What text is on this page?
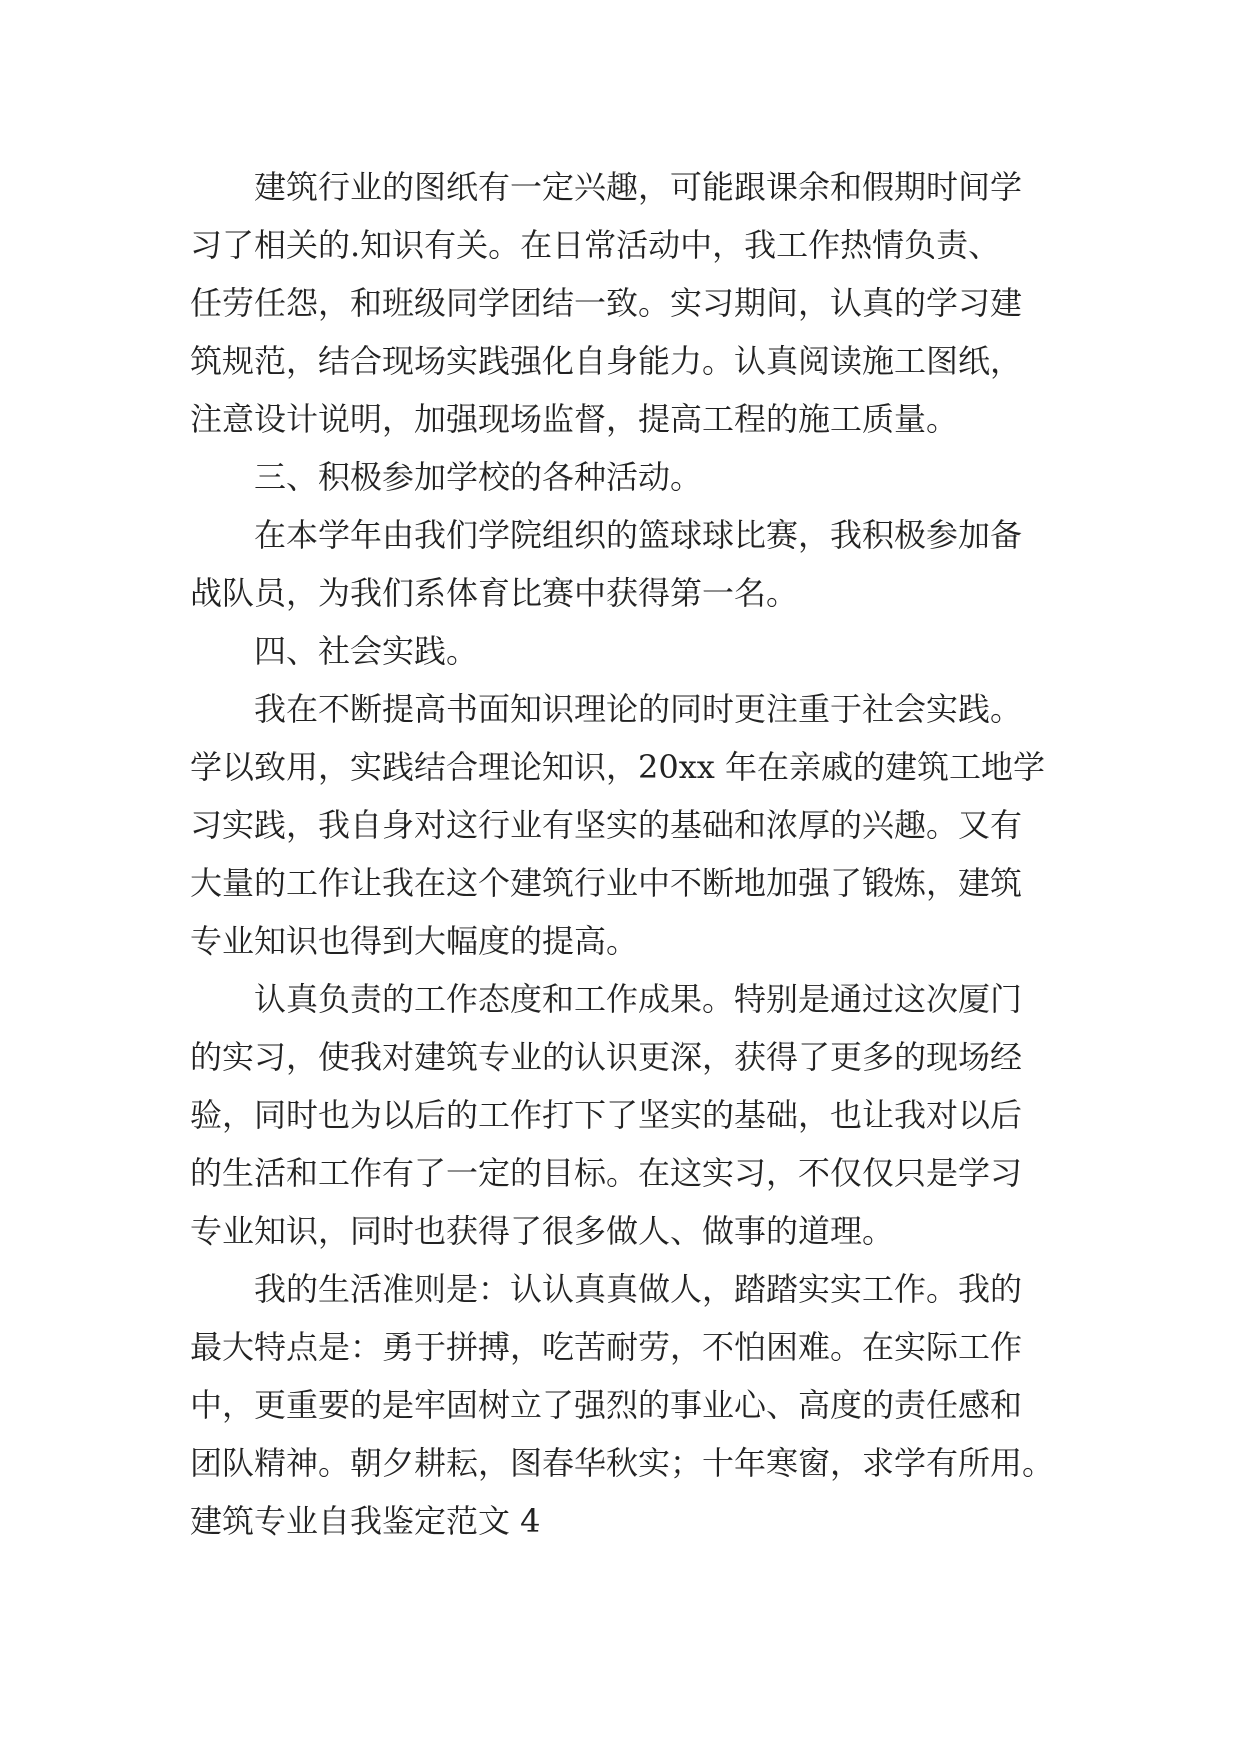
建筑行业的图纸有一定兴趣，可能跟课余和假期时间学
习了相关的.知识有关。在日常活动中，我工作热情负责、
任劳任怨，和班级同学团结一致。实习期间，认真的学习建
筑规范，结合现场实践强化自身能力。认真阅读施工图纸，
注意设计说明，加强现场监督，提高工程的施工质量。
三、积极参加学校的各种活动。
在本学年由我们学院组织的篮球球比赛，我积极参加备
战队员，为我们系体育比赛中获得第一名。
四、社会实践。
我在不断提高书面知识理论的同时更注重于社会实践。
学以致用，实践结合理论知识，20xx 年在亲戚的建筑工地学
习实践，我自身对这行业有坚实的基础和浓厚的兴趣。又有
大量的工作让我在这个建筑行业中不断地加强了锻炼，建筑
专业知识也得到大幅度的提高。
认真负责的工作态度和工作成果。特别是通过这次厦门
的实习，使我对建筑专业的认识更深，获得了更多的现场经
验，同时也为以后的工作打下了坚实的基础，也让我对以后
的生活和工作有了一定的目标。在这实习，不仅仅只是学习
专业知识，同时也获得了很多做人、做事的道理。
我的生活准则是：认认真真做人，踏踏实实工作。我的
最大特点是：勇于拼搏，吃苦耐劳，不怕困难。在实际工作
中，更重要的是牢固树立了强烈的事业心、高度的责任感和
团队精神。朝夕耕耘，图春华秋实；十年寒窗，求学有所用。
建筑专业自我鉴定范文 4
